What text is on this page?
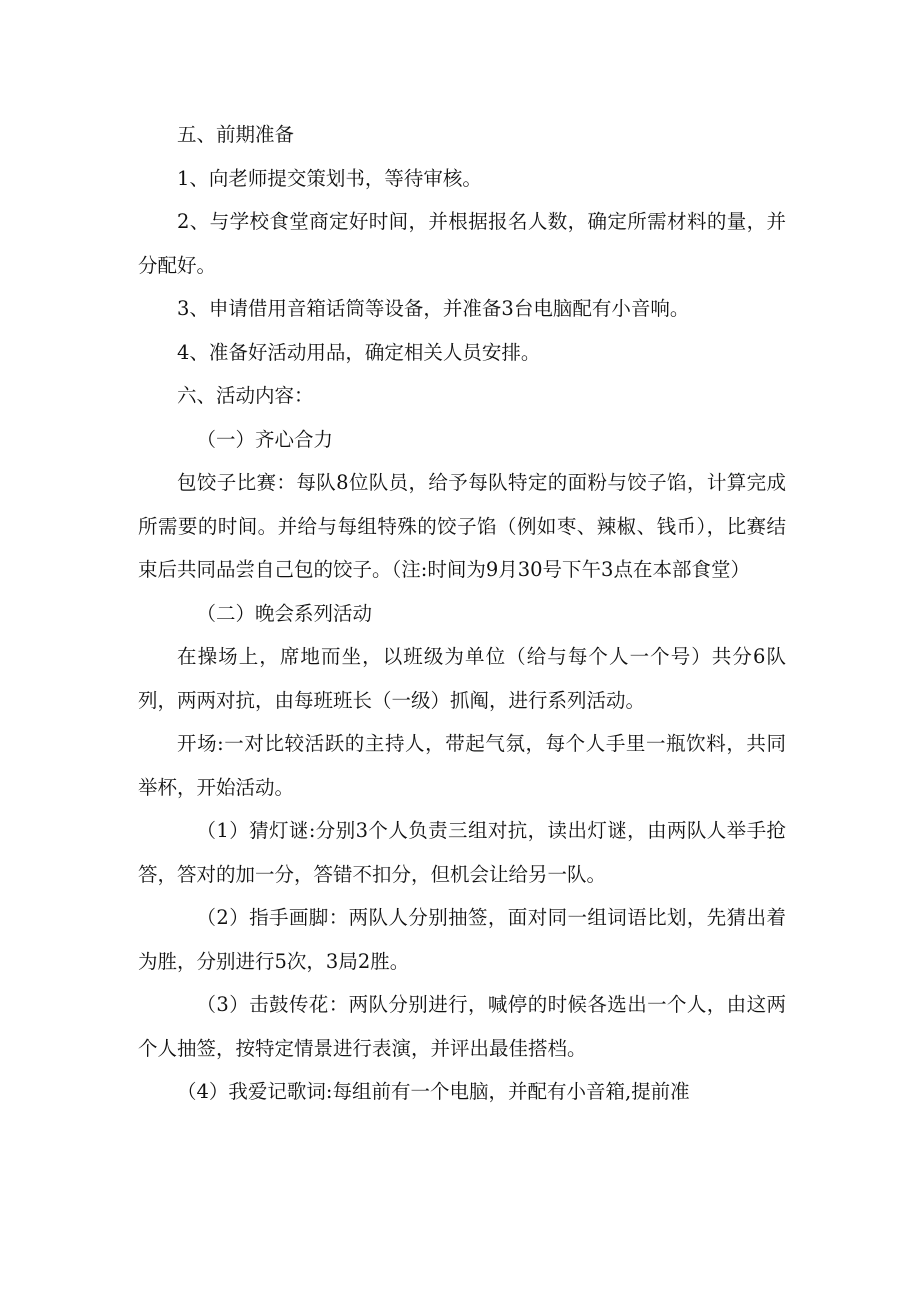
五、前期准备

1、向老师提交策划书，等待审核。

2、与学校食堂商定好时间，并根据报名人数，确定所需材料的量，并分配好。

3、申请借用音箱话筒等设备，并准备3台电脑配有小音响。

4、准备好活动用品，确定相关人员安排。

六、活动内容：

（一）齐心合力

包饺子比赛：每队8位队员，给予每队特定的面粉与饺子馅，计算完成所需要的时间。并给与每组特殊的饺子馅（例如枣、辣椒、钱币），比赛结束后共同品尝自己包的饺子。（注:时间为9月30号下午3点在本部食堂）

（二）晚会系列活动

在操场上，席地而坐，以班级为单位（给与每个人一个号）共分6队列，两两对抗，由每班班长（一级）抓阄，进行系列活动。

开场:一对比较活跃的主持人，带起气氛，每个人手里一瓶饮料，共同举杯，开始活动。

（1）猜灯谜:分别3个人负责三组对抗，读出灯谜，由两队人举手抢答，答对的加一分，答错不扣分，但机会让给另一队。

（2）指手画脚：两队人分别抽签，面对同一组词语比划，先猜出着为胜，分别进行5次，3局2胜。

（3）击鼓传花：两队分别进行，喊停的时候各选出一个人，由这两个人抽签，按特定情景进行表演，并评出最佳搭档。

（4）我爱记歌词:每组前有一个电脑，并配有小音箱,提前准
